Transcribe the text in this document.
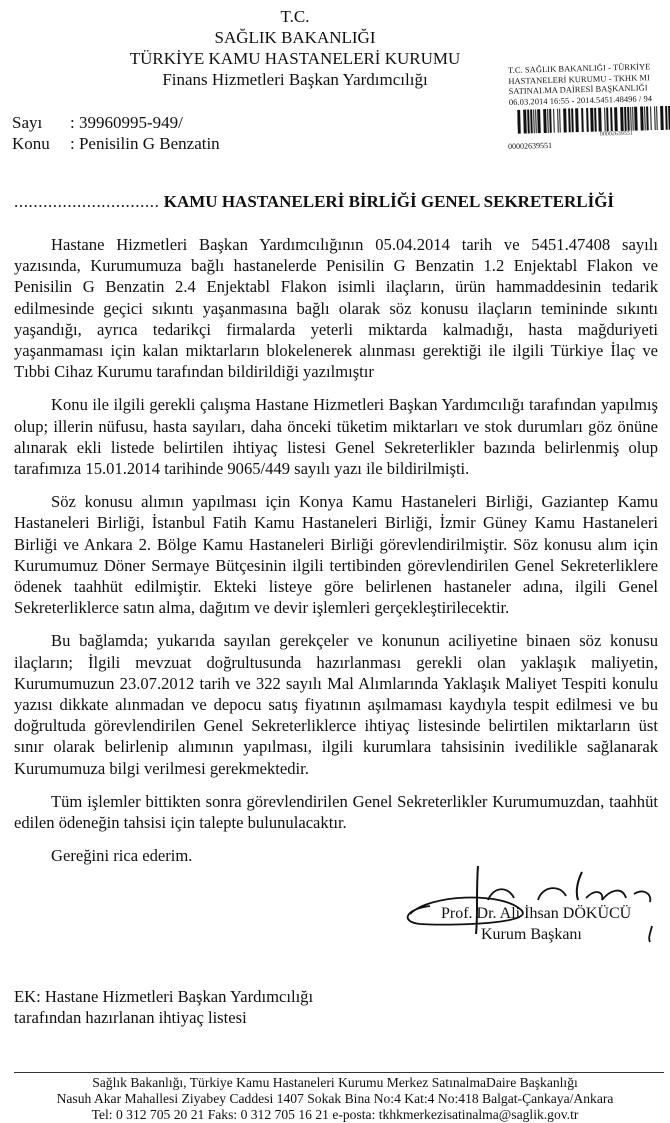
T.C.
SAĞLIK BAKANLIĞI
TÜRKİYE KAMU HASTANELERİ KURUMU
Finans Hizmetleri Başkan Yardımcılığı
T.C. SAĞLIK BAKANLIĞI - TÜRKİYE
HASTANELERİ KURUMU - TKHK MI
SATINALMA DAİRESİ BAŞKANLIĞI
06.03.2014 16:55 - 2014.5451.48496 / 94
00002639551
00002639551
Sayı : 39960995-949/
Konu : Penisilin G Benzatin
.............................. KAMU HASTANELERİ BİRLİĞİ GENEL SEKRETERLİĞİ

Hastane Hizmetleri Başkan Yardımcılığının 05.04.2014 tarih ve 5451.47408 sayılı yazısında, Kurumumuza bağlı hastanelerde Penisilin G Benzatin 1.2 Enjektabl Flakon ve Penisilin G Benzatin 2.4 Enjektabl Flakon isimli ilaçların, ürün hammaddesinin tedarik edilmesinde geçici sıkıntı yaşanmasına bağlı olarak söz konusu ilaçların temininde sıkıntı yaşandığı, ayrıca tedarikçi firmalarda yeterli miktarda kalmadığı, hasta mağduriyeti yaşanmaması için kalan miktarların blokelenerek alınması gerektiği ile ilgili Türkiye İlaç ve Tıbbi Cihaz Kurumu tarafından bildirildiği yazılmıştır

Konu ile ilgili gerekli çalışma Hastane Hizmetleri Başkan Yardımcılığı tarafından yapılmış olup; illerin nüfusu, hasta sayıları, daha önceki tüketim miktarları ve stok durumları göz önüne alınarak ekli listede belirtilen ihtiyaç listesi Genel Sekreterlikler bazında belirlenmiş olup tarafımıza 15.01.2014 tarihinde 9065/449 sayılı yazı ile bildirilmişti.

Söz konusu alımın yapılması için Konya Kamu Hastaneleri Birliği, Gaziantep Kamu Hastaneleri Birliği, İstanbul Fatih Kamu Hastaneleri Birliği, İzmir Güney Kamu Hastaneleri Birliği ve Ankara 2. Bölge Kamu Hastaneleri Birliği görevlendirilmiştir. Söz konusu alım için Kurumumuz Döner Sermaye Bütçesinin ilgili tertibinden görevlendirilen Genel Sekreterliklere ödenek taahhüt edilmiştir. Ekteki listeye göre belirlenen hastaneler adına, ilgili Genel Sekreterliklerce satın alma, dağıtım ve devir işlemleri gerçekleştirilecektir.

Bu bağlamda; yukarıda sayılan gerekçeler ve konunun aciliyetine binaen söz konusu ilaçların; İlgili mevzuat doğrultusunda hazırlanması gerekli olan yaklaşık maliyetin, Kurumumuzun 23.07.2012 tarih ve 322 sayılı Mal Alımlarında Yaklaşık Maliyet Tespiti konulu yazısı dikkate alınmadan ve depocu satış fiyatının aşılmaması kaydıyla tespit edilmesi ve bu doğrultuda görevlendirilen Genel Sekreterliklerce ihtiyaç listesinde belirtilen miktarların üst sınır olarak belirlenip alımının yapılması, ilgili kurumlara tahsisinin ivedilikle sağlanarak Kurumumuza bilgi verilmesi gerekmektedir.

Tüm işlemler bittikten sonra görevlendirilen Genel Sekreterlikler Kurumumuzdan, taahhüt edilen ödeneğin tahsisi için talepte bulunulacaktır.

Gereğini rica ederim.
Prof. Dr. Ali İhsan DÖKÜCÜ
Kurum Başkanı
EK: Hastane Hizmetleri Başkan Yardımcılığı
tarafından hazırlanan ihtiyaç listesi
Sağlık Bakanlığı, Türkiye Kamu Hastaneleri Kurumu Merkez SatınalmaDaire Başkanlığı
Nasuh Akar Mahallesi Ziyabey Caddesi 1407 Sokak Bina No:4 Kat:4 No:418 Balgat-Çankaya/Ankara
Tel: 0 312 705 20 21 Faks: 0 312 705 16 21 e-posta: tkhkmerkezisatinalma@saglik.gov.tr
